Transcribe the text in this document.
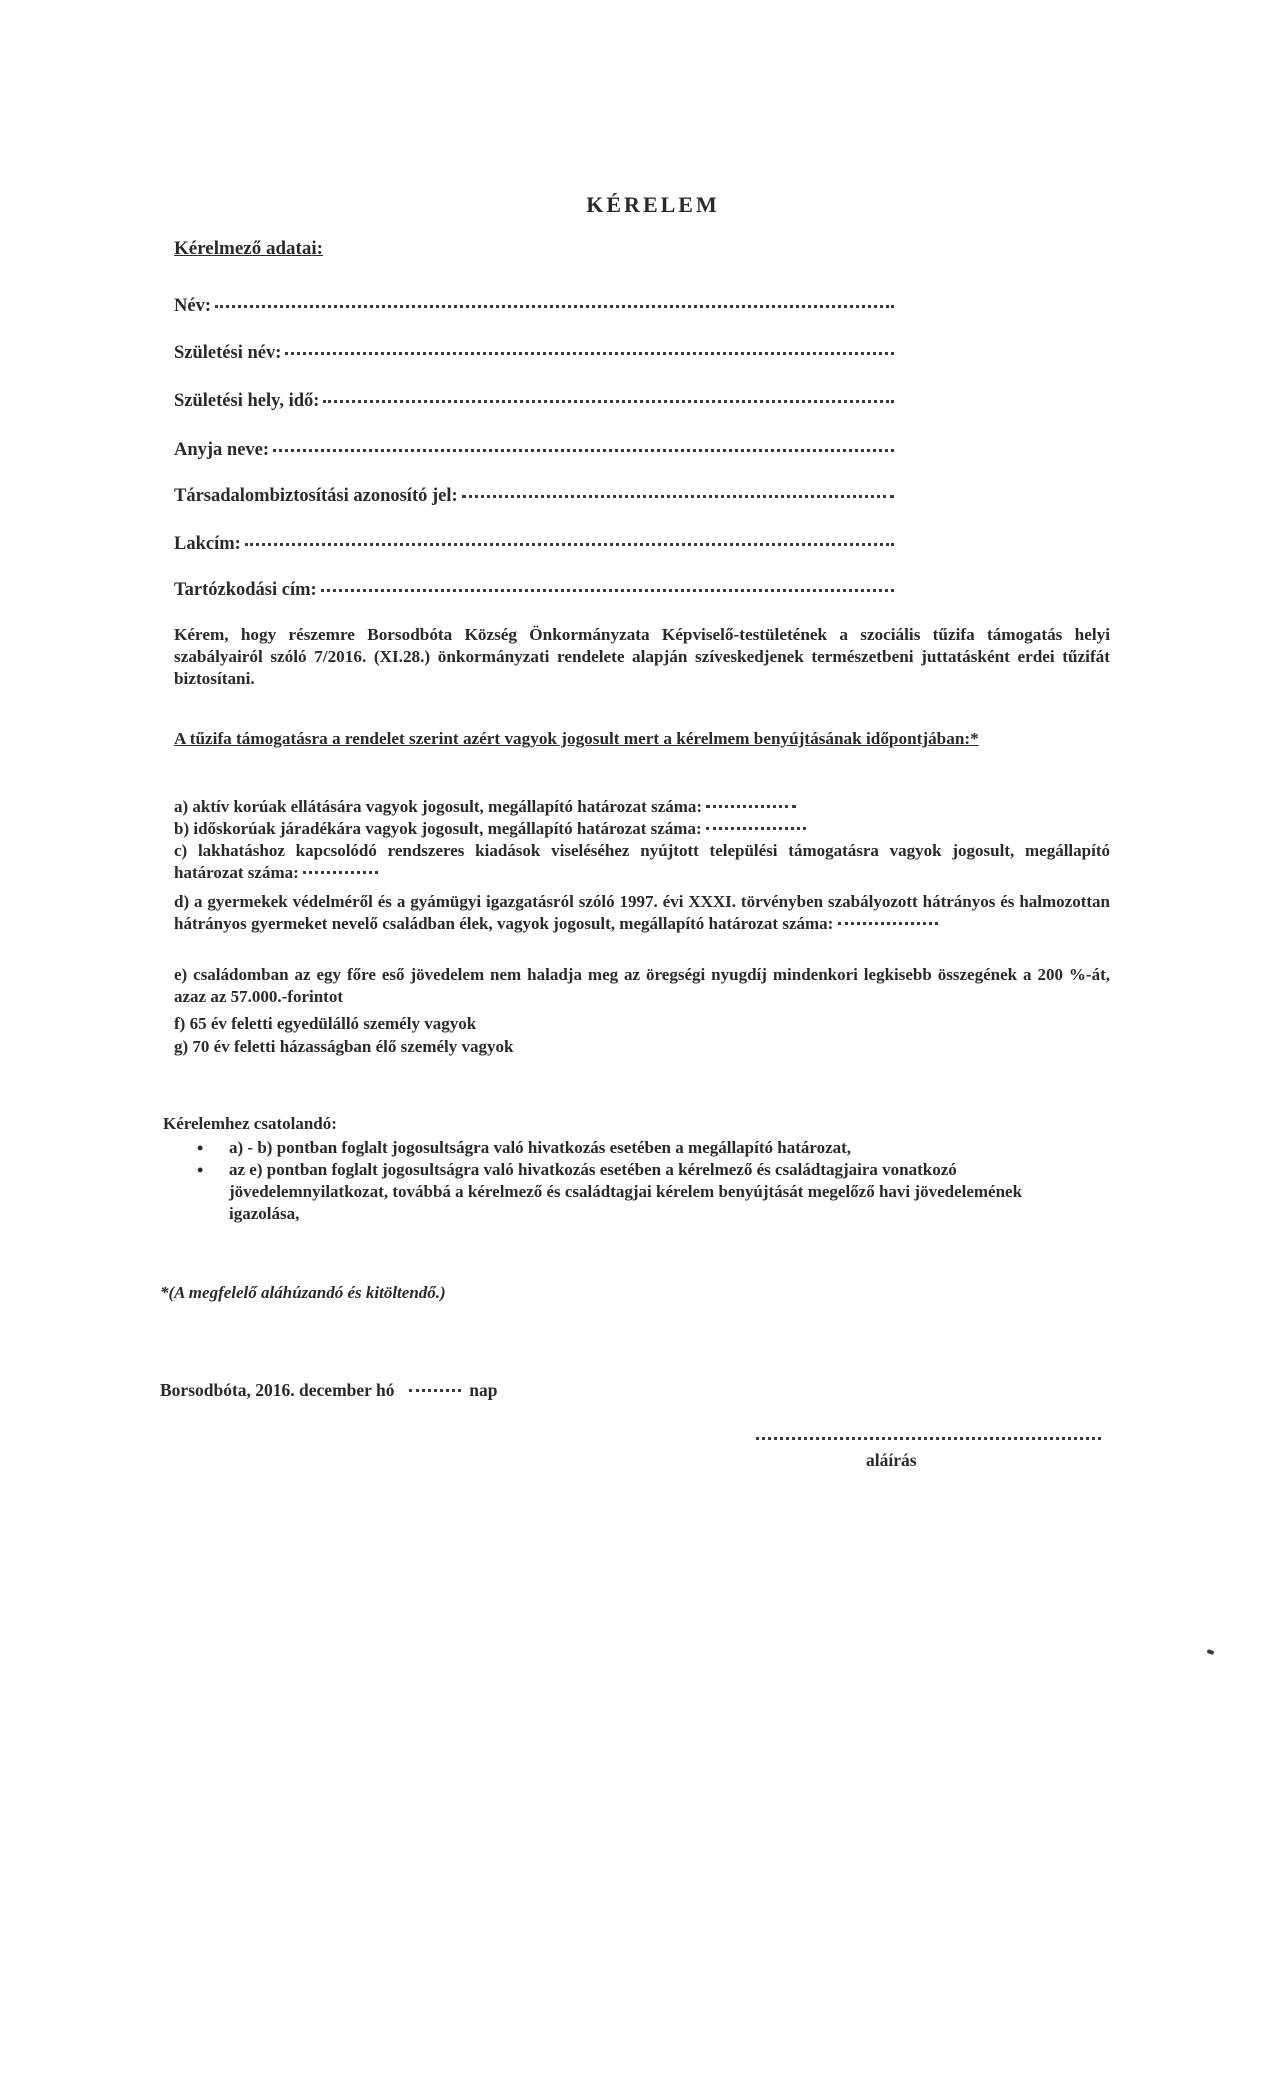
KÉRELEM
Kérelmező adatai:
Név:
Születési név:
Születési hely, idő:
Anyja neve:
Társadalombiztosítási azonosító jel:
Lakcím:
Tartózkodási cím:
Kérem, hogy részemre Borsodbóta Község Önkormányzata Képviselő-testületének a szociális tűzifa támogatás helyi szabályairól szóló 7/2016. (XI.28.) önkormányzati rendelete alapján szíveskedjenek természetbeni juttatásként erdei tűzifát biztosítani.
A tűzifa támogatásra a rendelet szerint azért vagyok jogosult mert a kérelmem benyújtásának időpontjában:*
a) aktív korúak ellátására vagyok jogosult, megállapító határozat száma:
b) időskorúak járadékára vagyok jogosult, megállapító határozat száma:
c) lakhatáshoz kapcsolódó rendszeres kiadások viseléséhez nyújtott települési támogatásra vagyok jogosult, megállapító határozat száma:
d) a gyermekek védelméről és a gyámügyi igazgatásról szóló 1997. évi XXXI. törvényben szabályozott hátrányos és halmozottan hátrányos gyermeket nevelő családban élek, vagyok jogosult, megállapító határozat száma:
e) családomban az egy főre eső jövedelem nem haladja meg az öregségi nyugdíj mindenkori legkisebb összegének a 200 %-át, azaz az 57.000.-forintot
f) 65 év feletti egyedülálló személy vagyok
g) 70 év feletti házasságban élő személy vagyok
Kérelemhez csatolandó:
• a) - b) pontban foglalt jogosultságra való hivatkozás esetében a megállapító határozat,
• az e) pontban foglalt jogosultságra való hivatkozás esetében a kérelmező és családtagjaira vonatkozó jövedelemnyilatkozat, továbbá a kérelmező és családtagjai kérelem benyújtását megelőző havi jövedelemének igazolása,
*(A megfelelő aláhúzandó és kitöltendő.)
Borsodbóta, 2016. december hó	nap
aláírás
